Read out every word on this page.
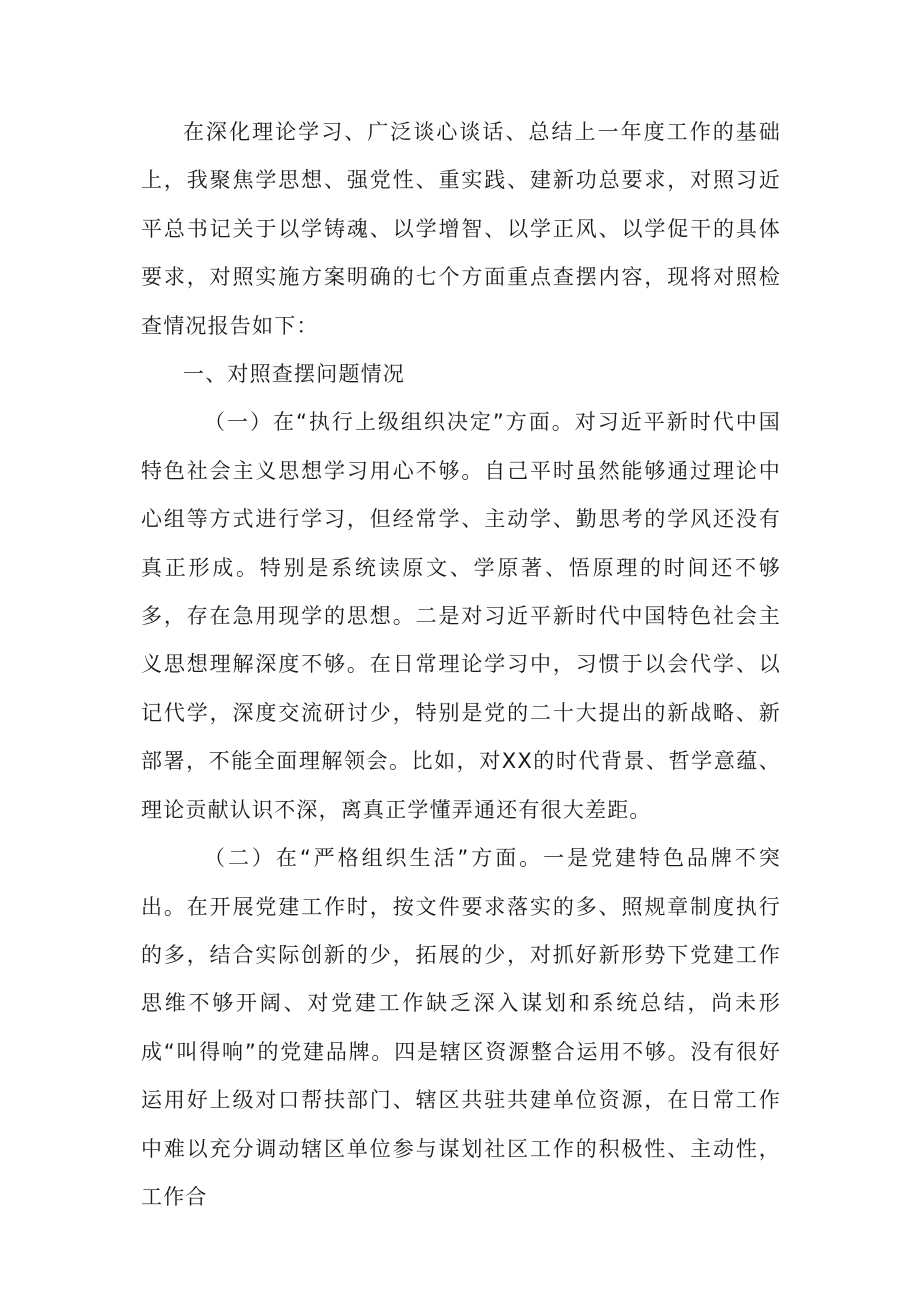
在深化理论学习、广泛谈心谈话、总结上一年度工作的基础上，我聚焦学思想、强党性、重实践、建新功总要求，对照习近平总书记关于以学铸魂、以学增智、以学正风、以学促干的具体要求，对照实施方案明确的七个方面重点查摆内容，现将对照检查情况报告如下：

一、对照查摆问题情况

（一）在“执行上级组织决定”方面。对习近平新时代中国特色社会主义思想学习用心不够。自己平时虽然能够通过理论中心组等方式进行学习，但经常学、主动学、勤思考的学风还没有真正形成。特别是系统读原文、学原著、悟原理的时间还不够多，存在急用现学的思想。二是对习近平新时代中国特色社会主义思想理解深度不够。在日常理论学习中，习惯于以会代学、以记代学，深度交流研讨少，特别是党的二十大提出的新战略、新部署，不能全面理解领会。比如，对XX的时代背景、哲学意蕴、理论贡献认识不深，离真正学懂弄通还有很大差距。

（二）在“严格组织生活”方面。一是党建特色品牌不突出。在开展党建工作时，按文件要求落实的多、照规章制度执行的多，结合实际创新的少，拓展的少，对抓好新形势下党建工作思维不够开阔、对党建工作缺乏深入谋划和系统总结，尚未形成“叫得响”的党建品牌。四是辖区资源整合运用不够。没有很好运用好上级对口帮扶部门、辖区共驻共建单位资源，在日常工作中难以充分调动辖区单位参与谋划社区工作的积极性、主动性，工作合
